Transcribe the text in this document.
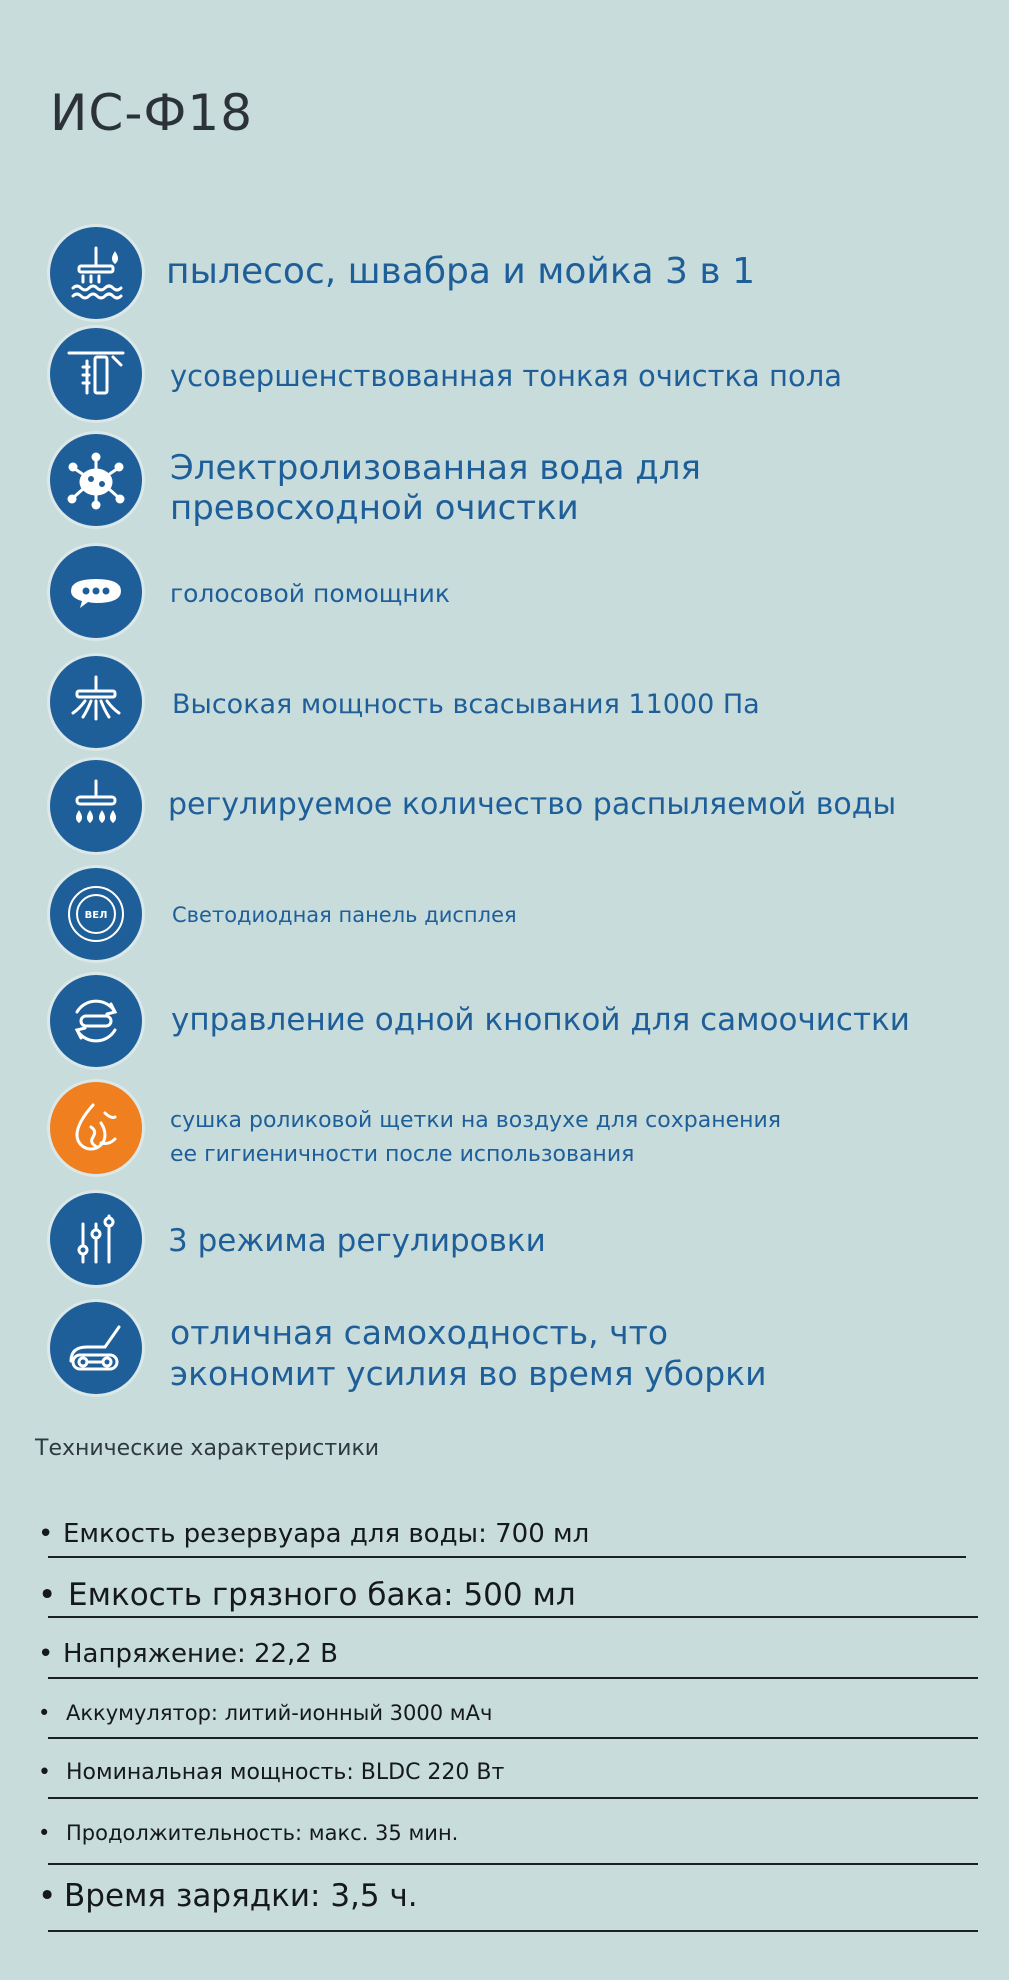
ИС-Ф18
пылесос, швабра и мойка 3 в 1
усовершенствованная тонкая очистка пола
Электролизованная вода для превосходной очистки
голосовой помощник
Высокая мощность всасывания 11000 Па
регулируемое количество распыляемой воды
ВЕЛ	Светодиодная панель дисплея
управление одной кнопкой для самоочистки
сушка роликовой щетки на воздухе для сохранения ее гигиеничности после использования
3 режима регулировки
отличная самоходность, что экономит усилия во время уборки
Технические характеристики
• Емкость резервуара для воды: 700 мл
• Емкость грязного бака: 500 мл
• Напряжение: 22,2 В
• Аккумулятор: литий-ионный 3000 мАч
• Номинальная мощность: BLDC 220 Вт
• Продолжительность: макс. 35 мин.
• Время зарядки: 3,5 ч.
